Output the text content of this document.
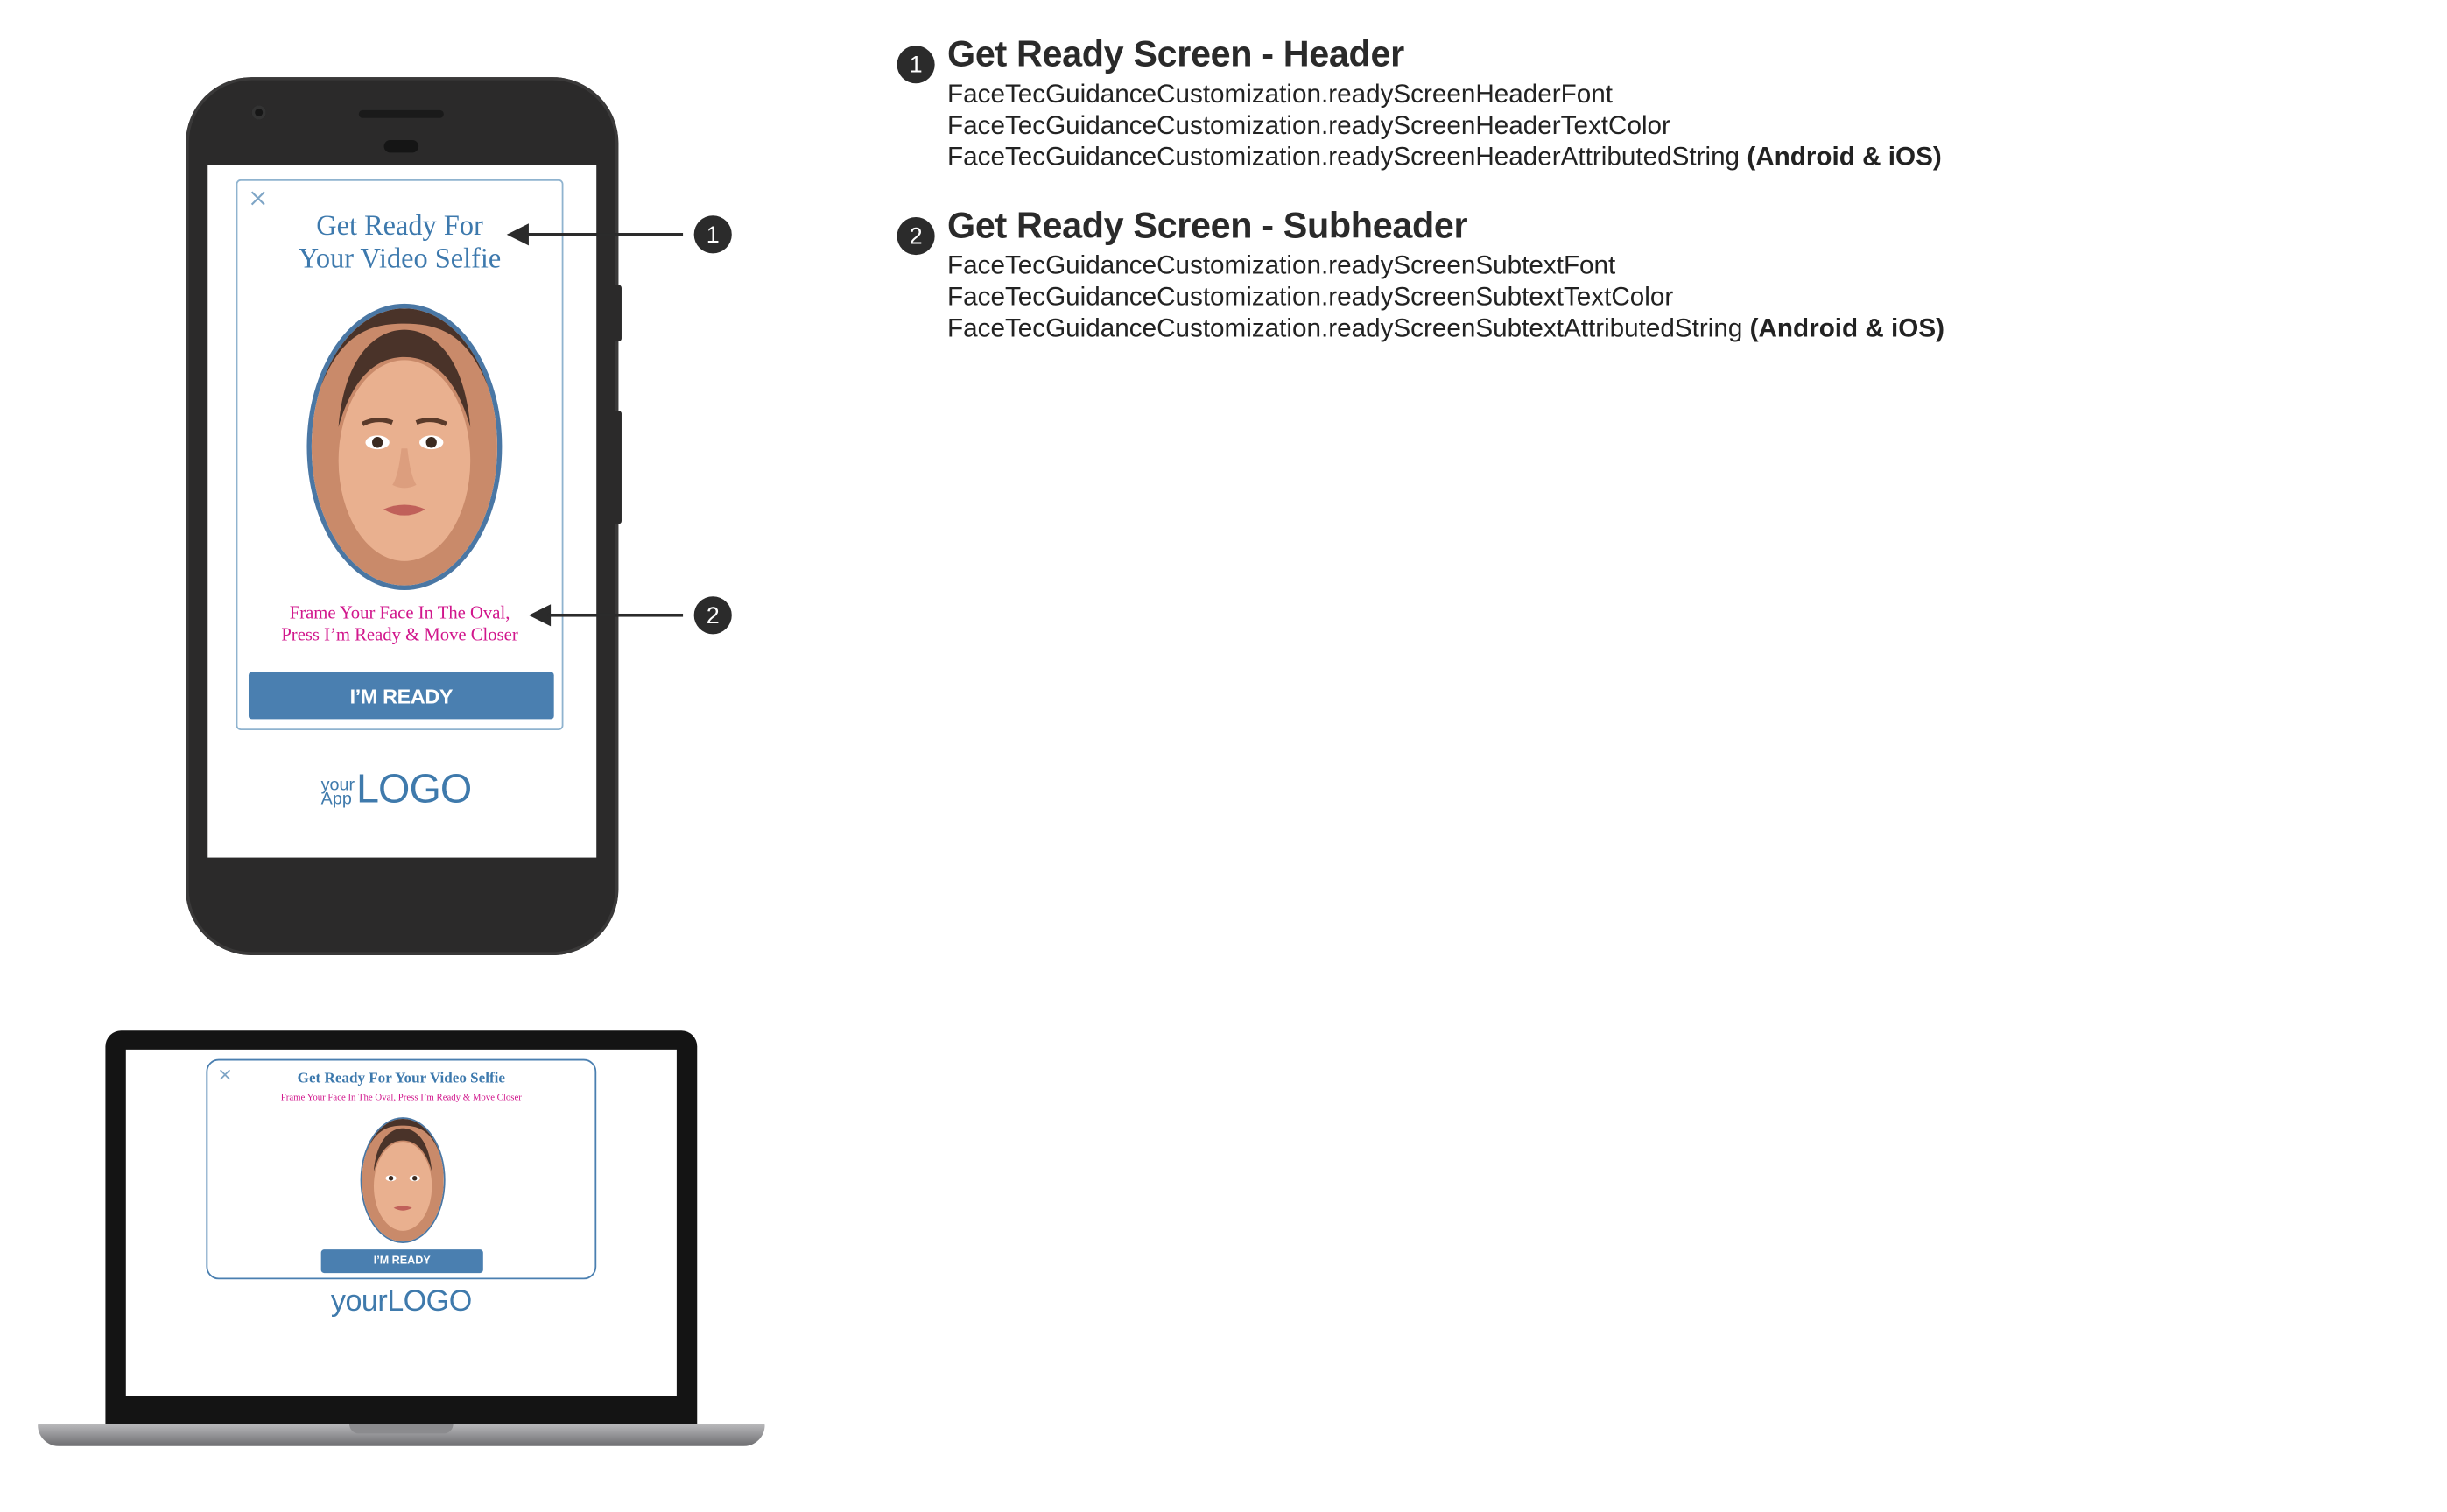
Get Ready For
Your Video Selfie
Frame Your Face In The Oval,
Press I’m Ready & Move Closer
I’M READY
your
App LOGO
Get Ready For Your Video Selfie
Frame Your Face In The Oval, Press I’m Ready & Move Closer
I’M READY
yourLOGO
1
2
1	Get Ready Screen - Header
FaceTecGuidanceCustomization.readyScreenHeaderFont
FaceTecGuidanceCustomization.readyScreenHeaderTextColor
FaceTecGuidanceCustomization.readyScreenHeaderAttributedString (Android & iOS)
2	Get Ready Screen - Subheader
FaceTecGuidanceCustomization.readyScreenSubtextFont
FaceTecGuidanceCustomization.readyScreenSubtextTextColor
FaceTecGuidanceCustomization.readyScreenSubtextAttributedString (Android & iOS)
